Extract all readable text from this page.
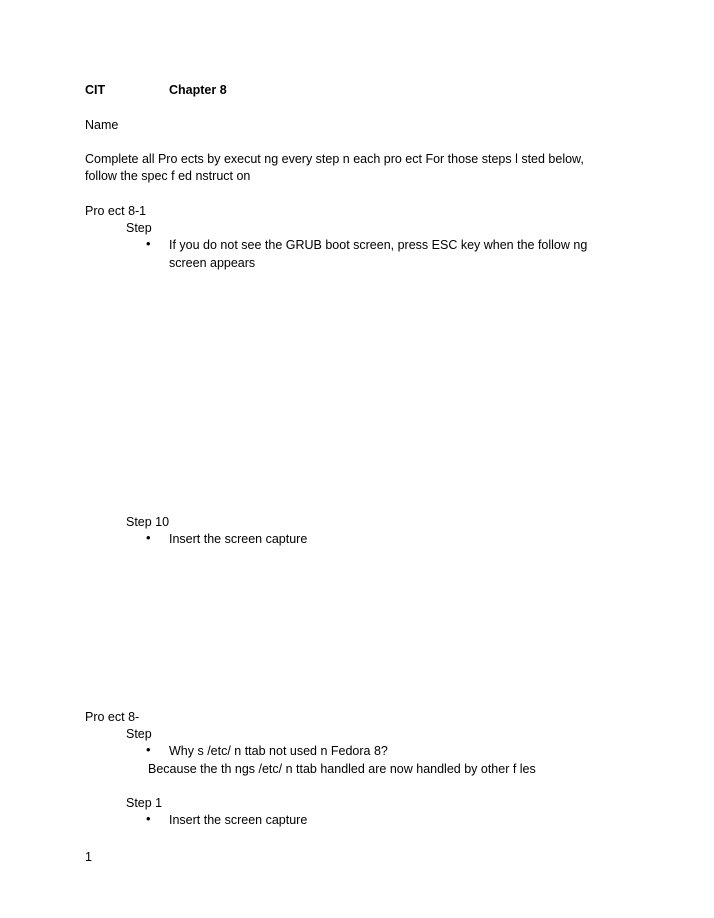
CIT	Chapter 8
Name
Complete all Pro ects by execut ng every step n each pro ect For those steps l sted below,
follow the spec f ed nstruct on
Pro ect 8-1
Step
• If you do not see the GRUB boot screen, press ESC key when the follow ng
screen appears
Step 10
• Insert the screen capture
Pro ect 8-
Step
• Why s /etc/ n ttab not used n Fedora 8?
Because the th ngs /etc/ n ttab handled are now handled by other f les
Step 1
• Insert the screen capture
1
